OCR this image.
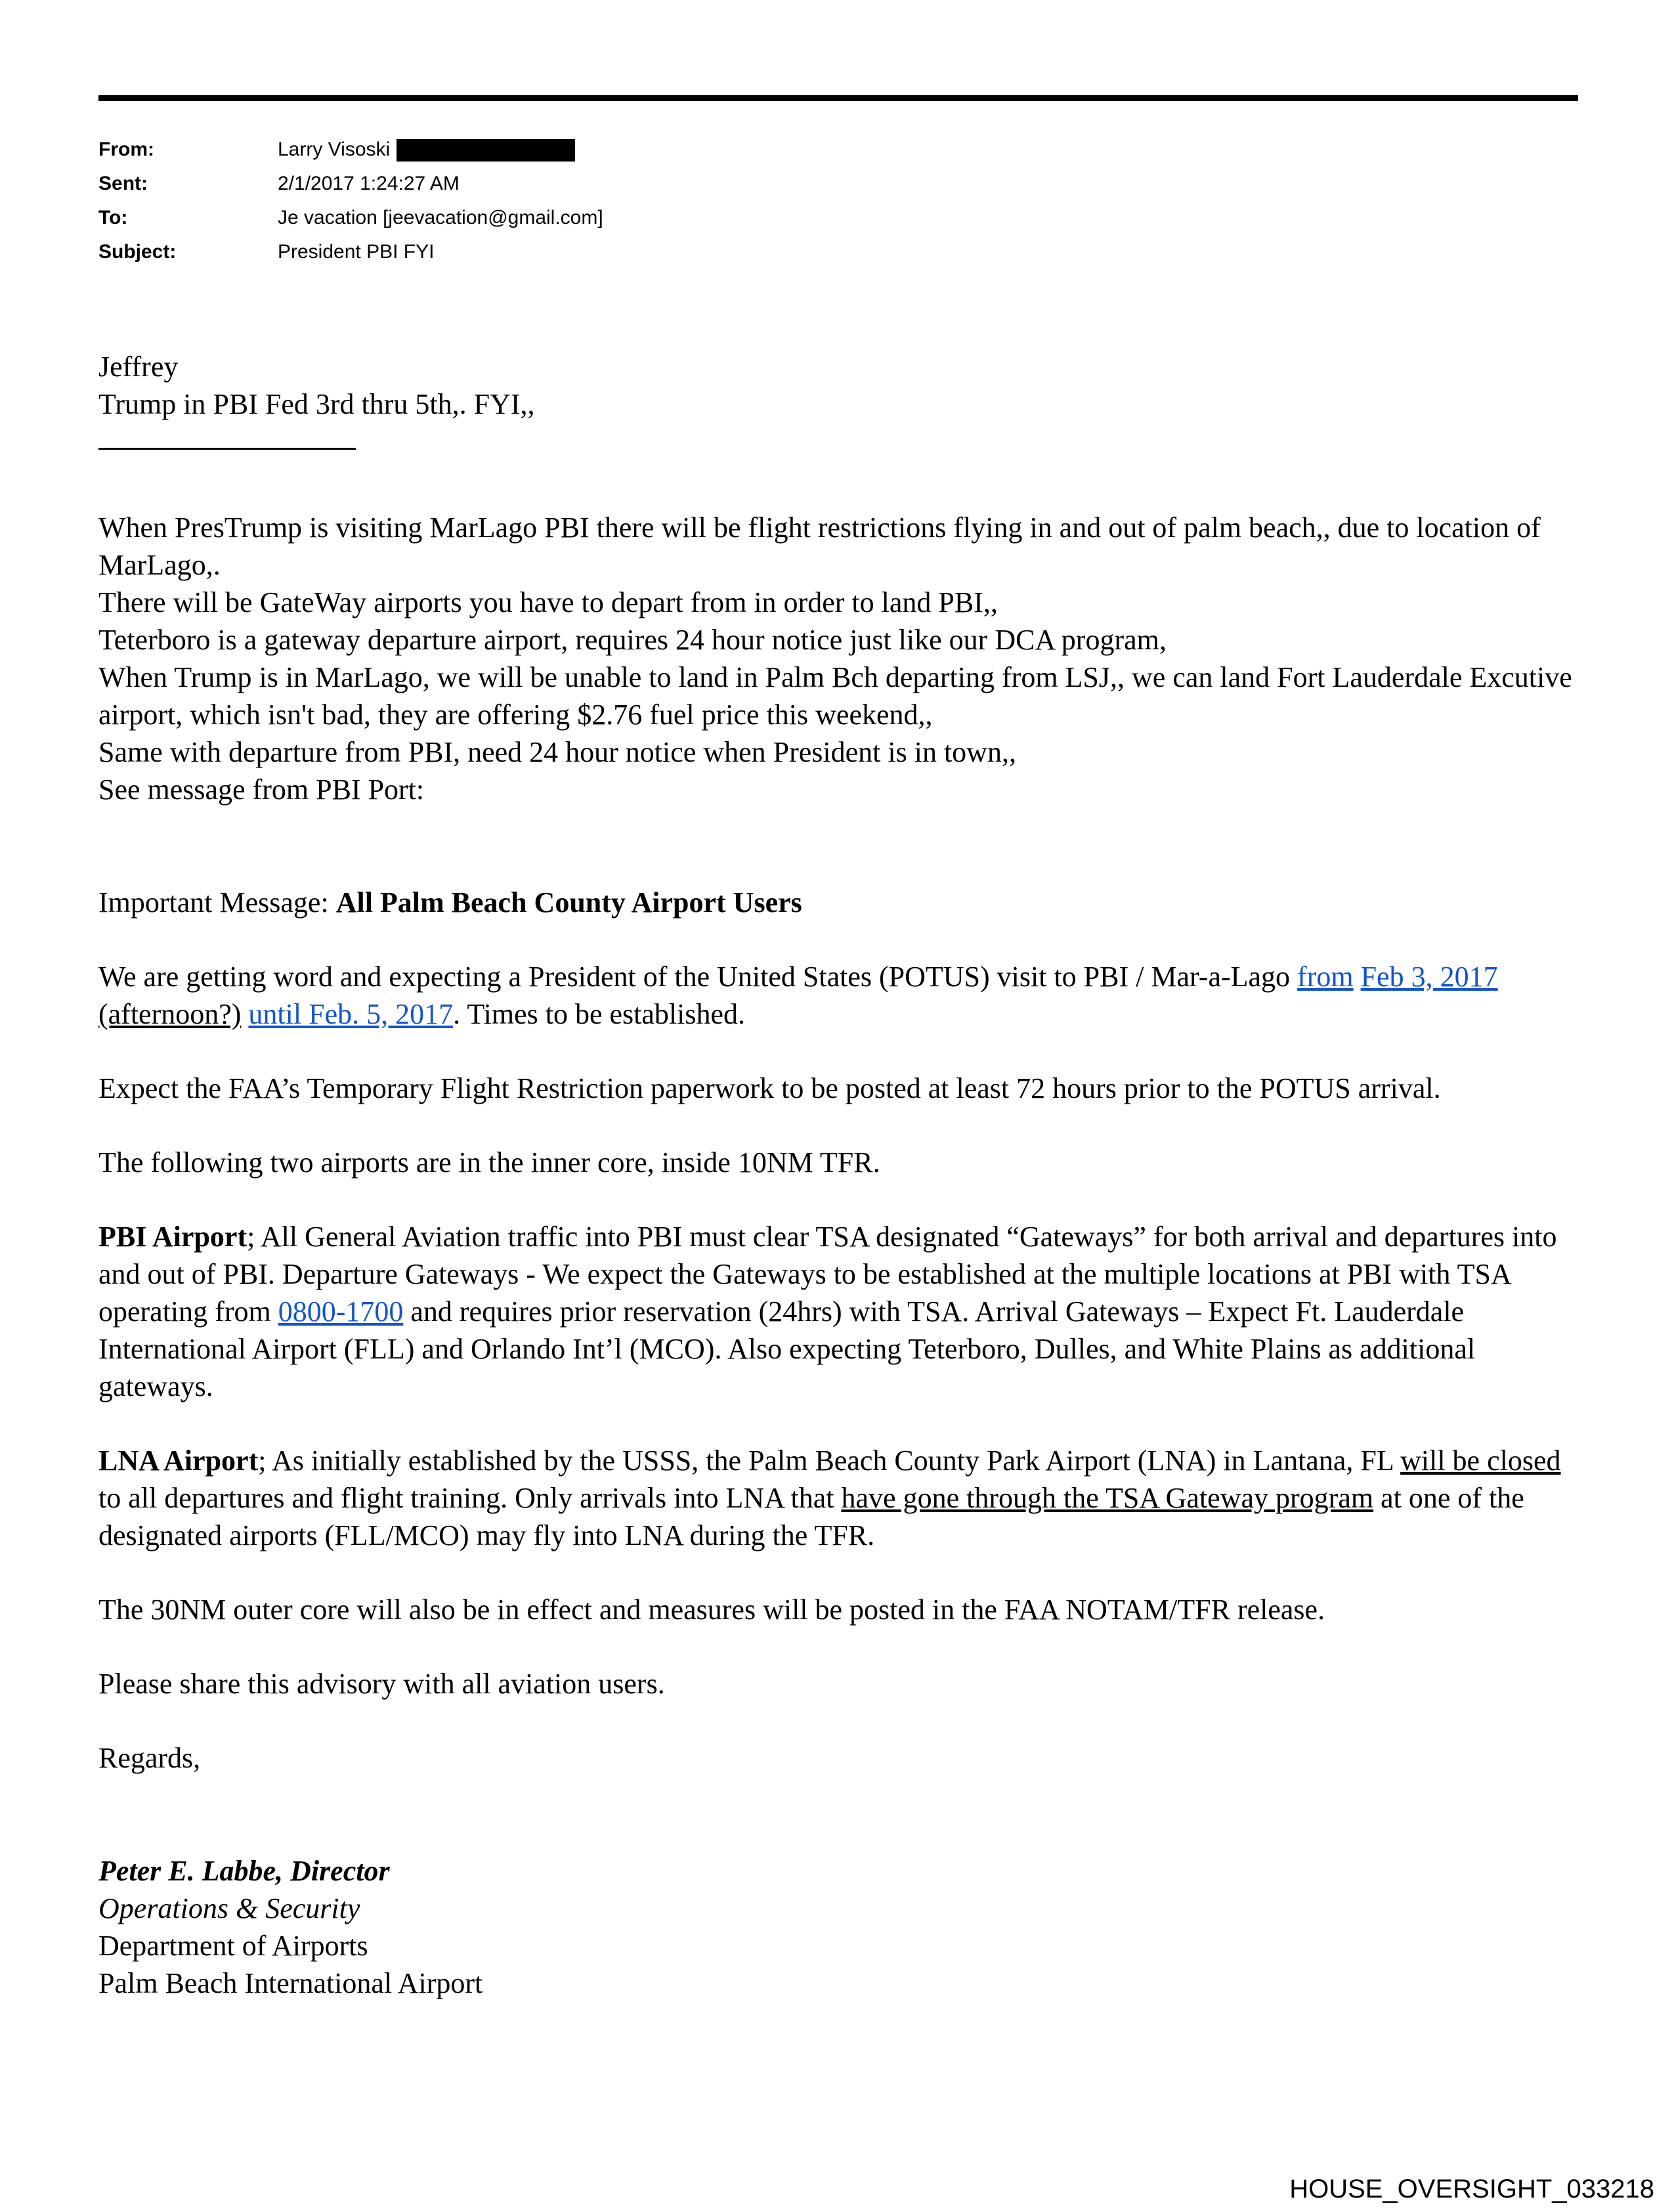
From:	Larry Visoski
Sent:	2/1/2017 1:24:27 AM
To:	Je vacation [jeevacation@gmail.com]
Subject:	President PBI FYI
Jeffrey
Trump in PBI Fed 3rd thru 5th,. FYI,,
When PresTrump is visiting MarLago PBI there will be flight restrictions flying in and out of palm beach,, due to location of MarLago,.
There will be GateWay airports you have to depart from in order to land PBI,,
Teterboro is a gateway departure airport, requires 24 hour notice just like our DCA program,
When Trump is in MarLago, we will be unable to land in Palm Bch departing from LSJ,, we can land Fort Lauderdale Excutive airport, which isn't bad, they are offering $2.76 fuel price this weekend,,
Same with departure from PBI, need 24 hour notice when President is in town,,
See message from PBI Port:
Important Message: All Palm Beach County Airport Users
We are getting word and expecting a President of the United States (POTUS) visit to PBI / Mar-a-Lago from Feb 3, 2017 (afternoon?) until Feb. 5, 2017. Times to be established.
Expect the FAA’s Temporary Flight Restriction paperwork to be posted at least 72 hours prior to the POTUS arrival.
The following two airports are in the inner core, inside 10NM TFR.
PBI Airport; All General Aviation traffic into PBI must clear TSA designated “Gateways” for both arrival and departures into and out of PBI. Departure Gateways - We expect the Gateways to be established at the multiple locations at PBI with TSA operating from 0800-1700 and requires prior reservation (24hrs) with TSA. Arrival Gateways – Expect Ft. Lauderdale International Airport (FLL) and Orlando Int’l (MCO). Also expecting Teterboro, Dulles, and White Plains as additional gateways.
LNA Airport; As initially established by the USSS, the Palm Beach County Park Airport (LNA) in Lantana, FL will be closed to all departures and flight training. Only arrivals into LNA that have gone through the TSA Gateway program at one of the designated airports (FLL/MCO) may fly into LNA during the TFR.
The 30NM outer core will also be in effect and measures will be posted in the FAA NOTAM/TFR release.
Please share this advisory with all aviation users.
Regards,
Peter E. Labbe, Director
Operations & Security
Department of Airports
Palm Beach International Airport
HOUSE_OVERSIGHT_033218
